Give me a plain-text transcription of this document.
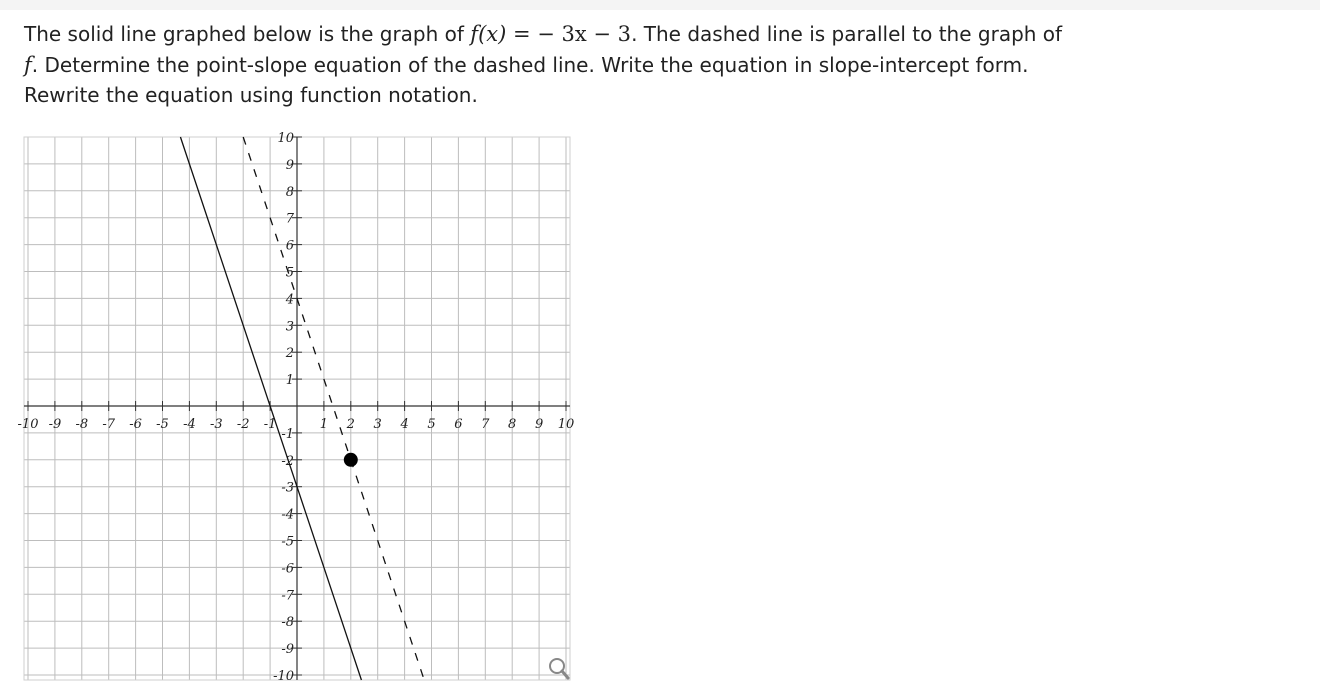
The solid line graphed below is the graph of f(x) = − 3x − 3. The dashed line is parallel to the graph of
f. Determine the point-slope equation of the dashed line. Write the equation in slope-intercept form.
Rewrite the equation using function notation.
-10 -9 -8 -7 -6 -5 -4 -3 -2 -1	1 2 3 4 5 6 7 8 9 10
10
9
8
7
6
5
4
3
2
1
-1
-2
-3
-4
-5
-6
-7
-8
-9
-10
